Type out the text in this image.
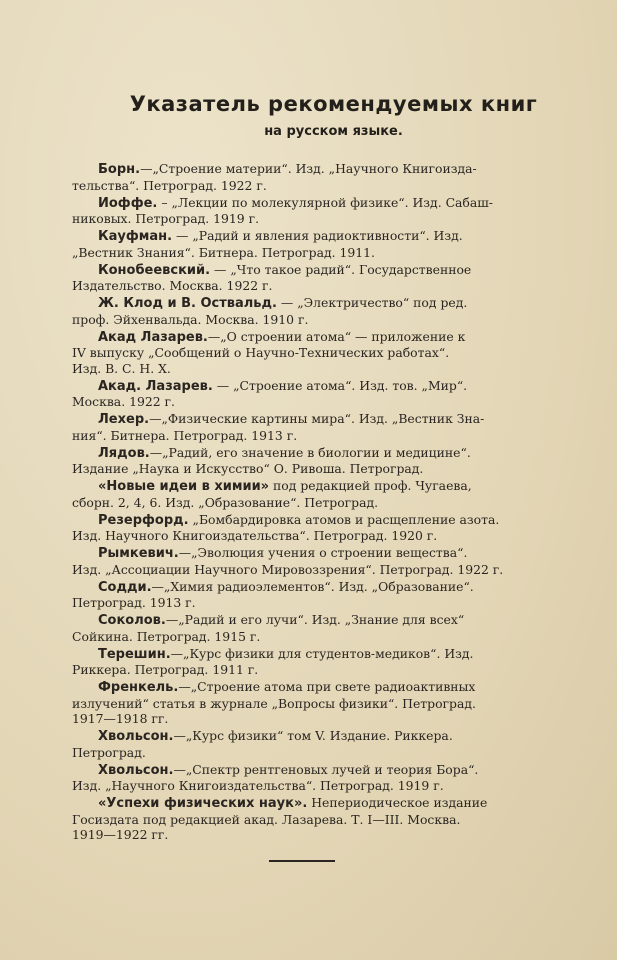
Указатель рекомендуемых книг
на русском языке.

Борн.—„Строение материи“. Изд. „Научного Книгоизда-

тельства“. Петроград. 1922 г.

Иоффе. – „Лекции по молекулярной физике“. Изд. Сабаш-

никовых. Петроград. 1919 г.

Кауфман. — „Радий и явления радиоктивности“. Изд.

„Вестник Знания“. Битнера. Петроград. 1911.

Конобеевский. — „Что такое радий“. Государственное

Издательство. Москва. 1922 г.

Ж. Клод и В. Оствальд. — „Электричество“ под ред.

проф. Эйхенвальда. Москва. 1910 г.

Акад Лазарев.—„О строении атома“ — приложение к

IV выпуску „Сообщений о Научно-Технических работах“.

Изд. В. С. Н. Х.

Акад. Лазарев. — „Строение атома“. Изд. тов. „Мир“.

Москва. 1922 г.

Лехер.—„Физические картины мира“. Изд. „Вестник Зна-

ния“. Битнера. Петроград. 1913 г.

Лядов.—„Радий, его значение в биологии и медицине“.

Издание „Наука и Искусство“ О. Ривоша. Петроград.

«Новые идеи в химии» под редакцией проф. Чугаева,

сборн. 2, 4, 6. Изд. „Образование“. Петроград.

Резерфорд. „Бомбардировка атомов и расщепление азота.

Изд. Научного Книгоиздательства“. Петроград. 1920 г.

Рымкевич.—„Эволюция учения о строении вещества“.

Изд. „Ассоциации Научного Мировоззрения“. Петроград. 1922 г.

Содди.—„Химия радиоэлементов“. Изд. „Образование“.

Петроград. 1913 г.

Соколов.—„Радий и его лучи“. Изд. „Знание для всех“

Сойкина. Петроград. 1915 г.

Терешин.—„Курс физики для студентов-медиков“. Изд.

Риккера. Петроград. 1911 г.

Френкель.—„Строение атома при свете радиоактивных

излучений“ статья в журнале „Вопросы физики“. Петроград.

1917—1918 гг.

Хвольсон.—„Курс физики“ том V. Издание. Риккера.

Петроград.

Хвольсон.—„Спектр рентгеновых лучей и теория Бора“.

Изд. „Научного Книгоиздательства“. Петроград. 1919 г.

«Успехи физических наук». Непериодическое издание

Госиздата под редакцией акад. Лазарева. Т. I—III. Москва.

1919—1922 гг.
